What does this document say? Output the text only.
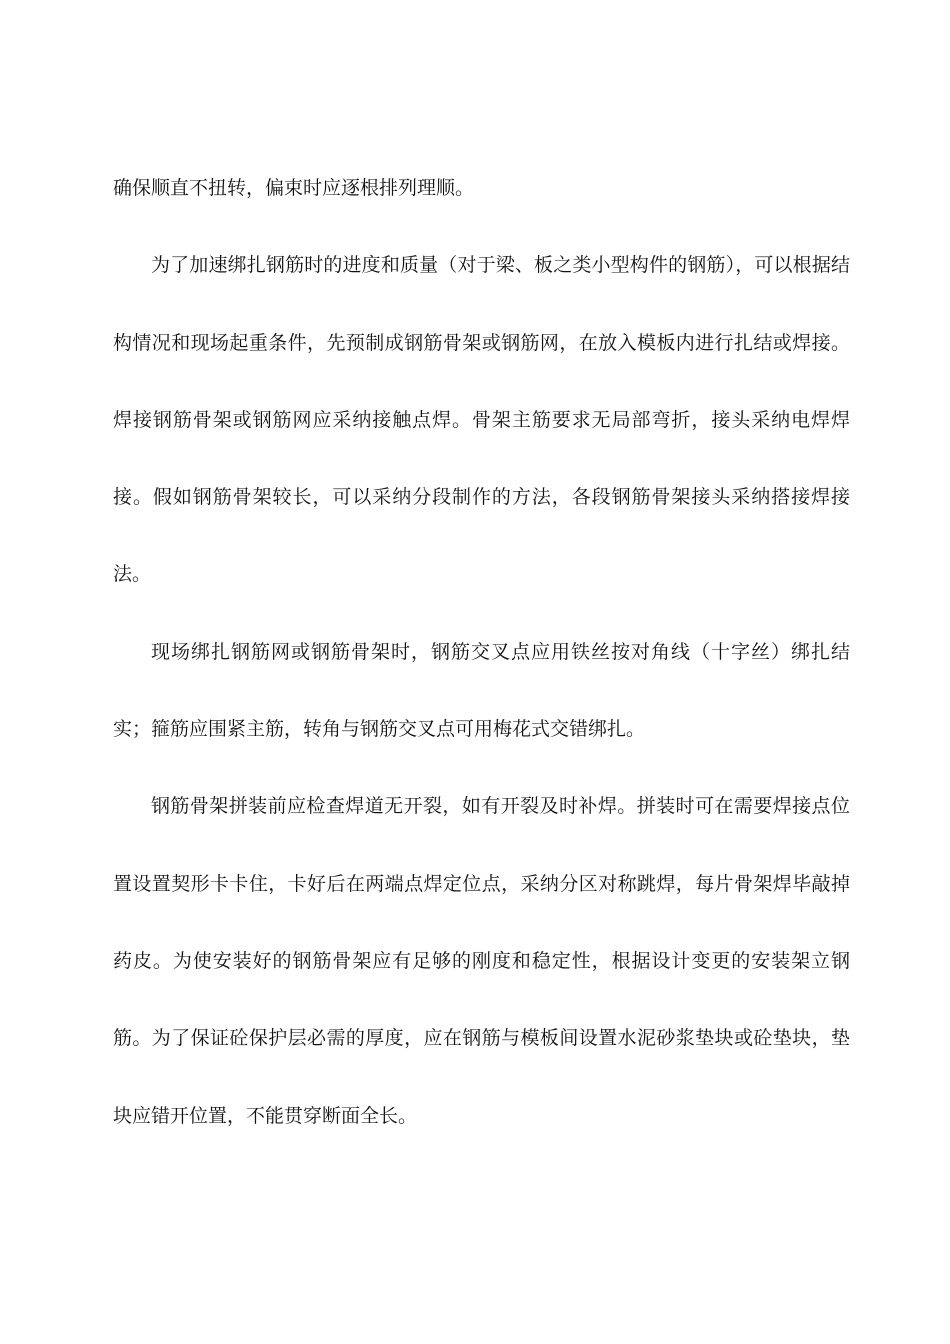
确保顺直不扭转，偏束时应逐根排列理顺。

为了加速绑扎钢筋时的进度和质量（对于梁、板之类小型构件的钢筋），可以根据结构情况和现场起重条件，先预制成钢筋骨架或钢筋网，在放入模板内进行扎结或焊接。焊接钢筋骨架或钢筋网应采纳接触点焊。骨架主筋要求无局部弯折，接头采纳电焊焊接。假如钢筋骨架较长，可以采纳分段制作的方法，各段钢筋骨架接头采纳搭接焊接法。

现场绑扎钢筋网或钢筋骨架时，钢筋交叉点应用铁丝按对角线（十字丝）绑扎结实；箍筋应围紧主筋，转角与钢筋交叉点可用梅花式交错绑扎。

钢筋骨架拼装前应检查焊道无开裂，如有开裂及时补焊。拼装时可在需要焊接点位置设置契形卡卡住，卡好后在两端点焊定位点，采纳分区对称跳焊，每片骨架焊毕敲掉药皮。为使安装好的钢筋骨架应有足够的刚度和稳定性，根据设计变更的安装架立钢筋。为了保证砼保护层必需的厚度，应在钢筋与模板间设置水泥砂浆垫块或砼垫块，垫块应错开位置，不能贯穿断面全长。
